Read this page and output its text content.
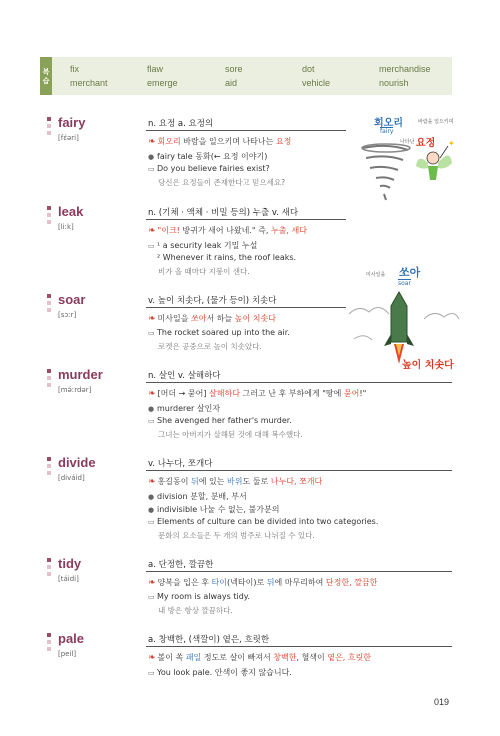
복습
fix	flaw	sore	dot	merchandise
merchant	emerge	aid	vehicle	nourish
fairy
[fɛ́əri]
n. 요정 a. 요정의
❧ 회오리 바람을 일으키며 나타나는 요정
● fairy tale 동화(← 요정 이야기)
▭ Do you believe fairies exist?
당신은 요정들이 존재한다고 믿으세요?
✦
회오리	바람을 일으키며
fairy
나타난 요정
leak
[liːk]
n. (기체 · 액체 · 비밀 등의) 누출 v. 새다
❧ "이크! 방귀가 새어 나왔네." 즉, 누출, 새다
▭ ¹ a security leak 기밀 누설
² Whenever it rains, the roof leaks.
비가 올 때마다 지붕이 샌다.
soar
[sɔːr]
v. 높이 치솟다, (물가 등이) 치솟다
❧ 미사일을 쏘아서 하늘 높이 치솟다
▭ The rocket soared up into the air.
로켓은 공중으로 높이 치솟았다.
미사일을 쏘아
soar
높이 치솟다
murder
[mə́ːrdər]
n. 살인 v. 살해하다
❧ [머더 → 묻어] 살해하다 그러고 난 후 부하에게 "땅에 묻어!"
● murderer 살인자
▭ She avenged her father's murder.
그녀는 아버지가 살해된 것에 대해 복수했다.
divide
[diváid]
v. 나누다, 쪼개다
❧ 홍길동이 뒤에 있는 바위도 둘로 나누다, 쪼개다
● division 분할, 분배, 부서
● indivisible 나눌 수 없는, 불가분의
▭ Elements of culture can be divided into two categories.
문화의 요소들은 두 개의 범주로 나뉘질 수 있다.
tidy
[táidi]
a. 단정한, 깔끔한
❧ 양복을 입은 후 타이(넥타이)로 뒤에 마무리하여 단정한, 깔끔한
▭ My room is always tidy.
내 방은 항상 깔끔하다.
pale
[peil]
a. 창백한, (색깔이) 옅은, 흐릿한
❧ 볼이 쏙 패일 정도로 살이 빠져서 창백한, 혈색이 옅은, 흐릿한
▭ You look pale. 안색이 좋지 않습니다.
019
